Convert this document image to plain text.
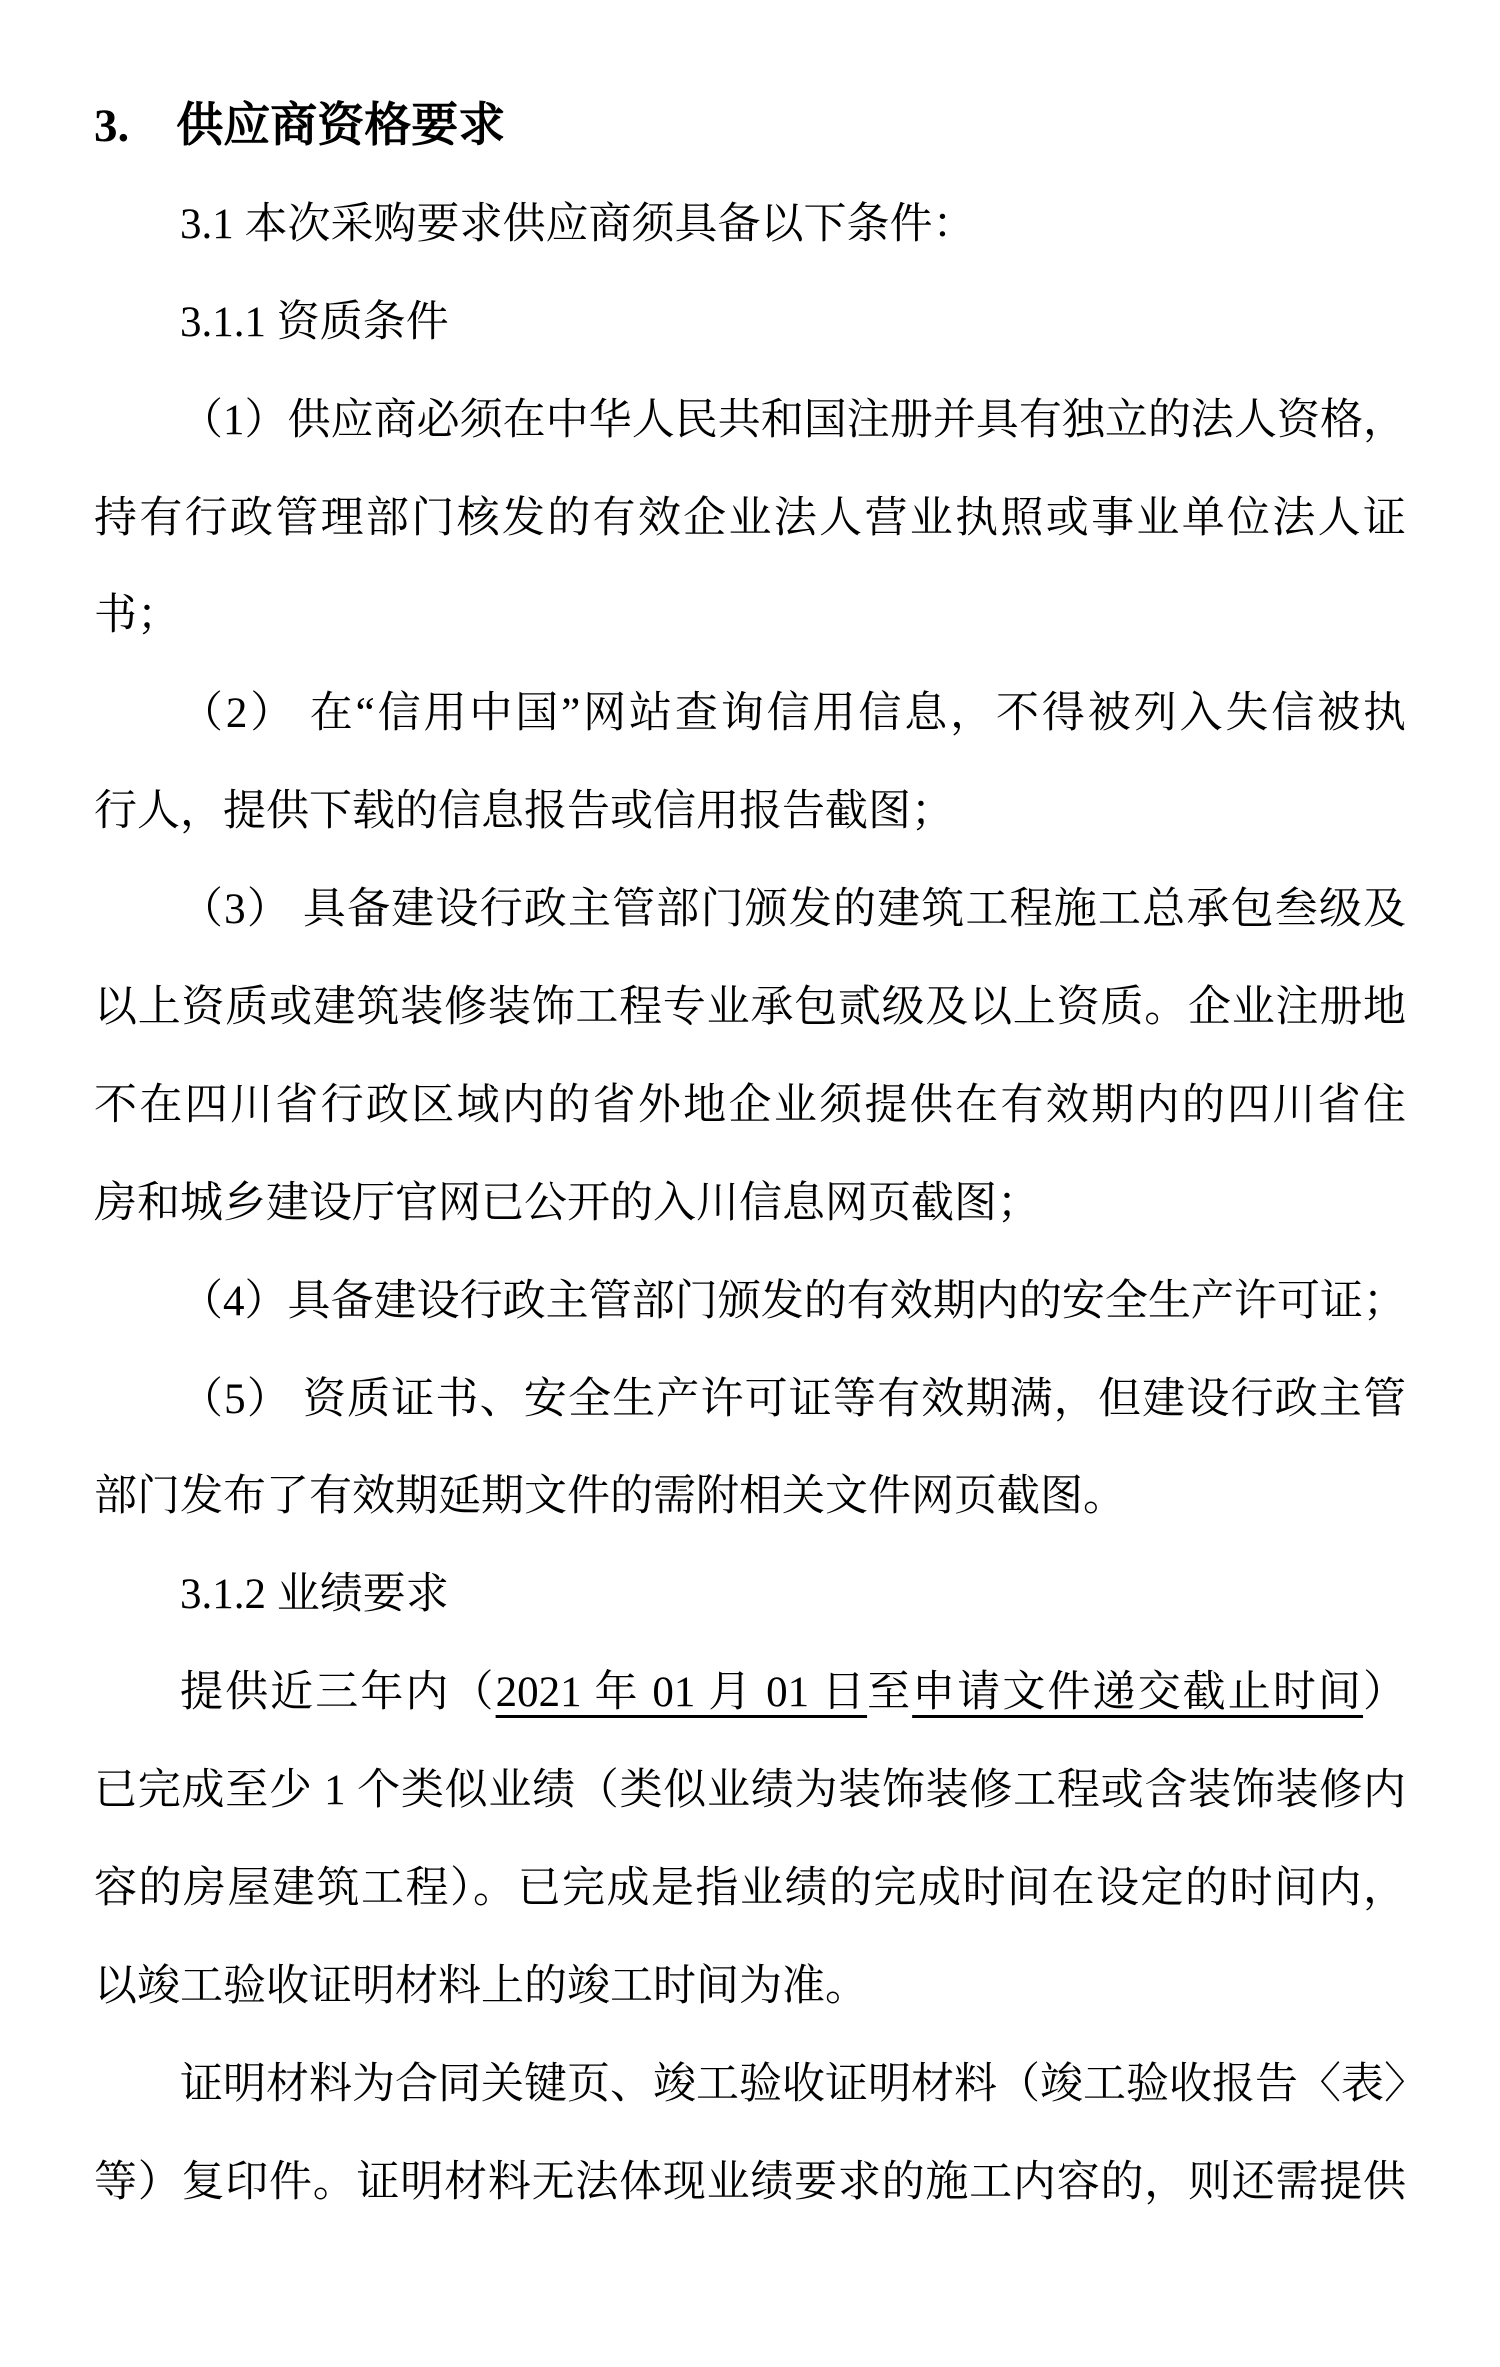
3.　供应商资格要求
3.1 本次采购要求供应商须具备以下条件：
3.1.1 资质条件
（1）供应商必须在中华人民共和国注册并具有独立的法人资格，
持有行政管理部门核发的有效企业法人营业执照或事业单位法人证
书；
（2） 在“信用中国”网站查询信用信息，不得被列入失信被执
行人，提供下载的信息报告或信用报告截图；
（3） 具备建设行政主管部门颁发的建筑工程施工总承包叁级及
以上资质或建筑装修装饰工程专业承包贰级及以上资质。企业注册地
不在四川省行政区域内的省外地企业须提供在有效期内的四川省住
房和城乡建设厅官网已公开的入川信息网页截图；
（4）具备建设行政主管部门颁发的有效期内的安全生产许可证；
（5） 资质证书、安全生产许可证等有效期满，但建设行政主管
部门发布了有效期延期文件的需附相关文件网页截图。
3.1.2 业绩要求
提供近三年内（2021 年 01 月 01 日至申请文件递交截止时间）
已完成至少 1 个类似业绩（类似业绩为装饰装修工程或含装饰装修内
容的房屋建筑工程）。已完成是指业绩的完成时间在设定的时间内，
以竣工验收证明材料上的竣工时间为准。
证明材料为合同关键页、竣工验收证明材料（竣工验收报告〈表〉
等）复印件。证明材料无法体现业绩要求的施工内容的，则还需提供
